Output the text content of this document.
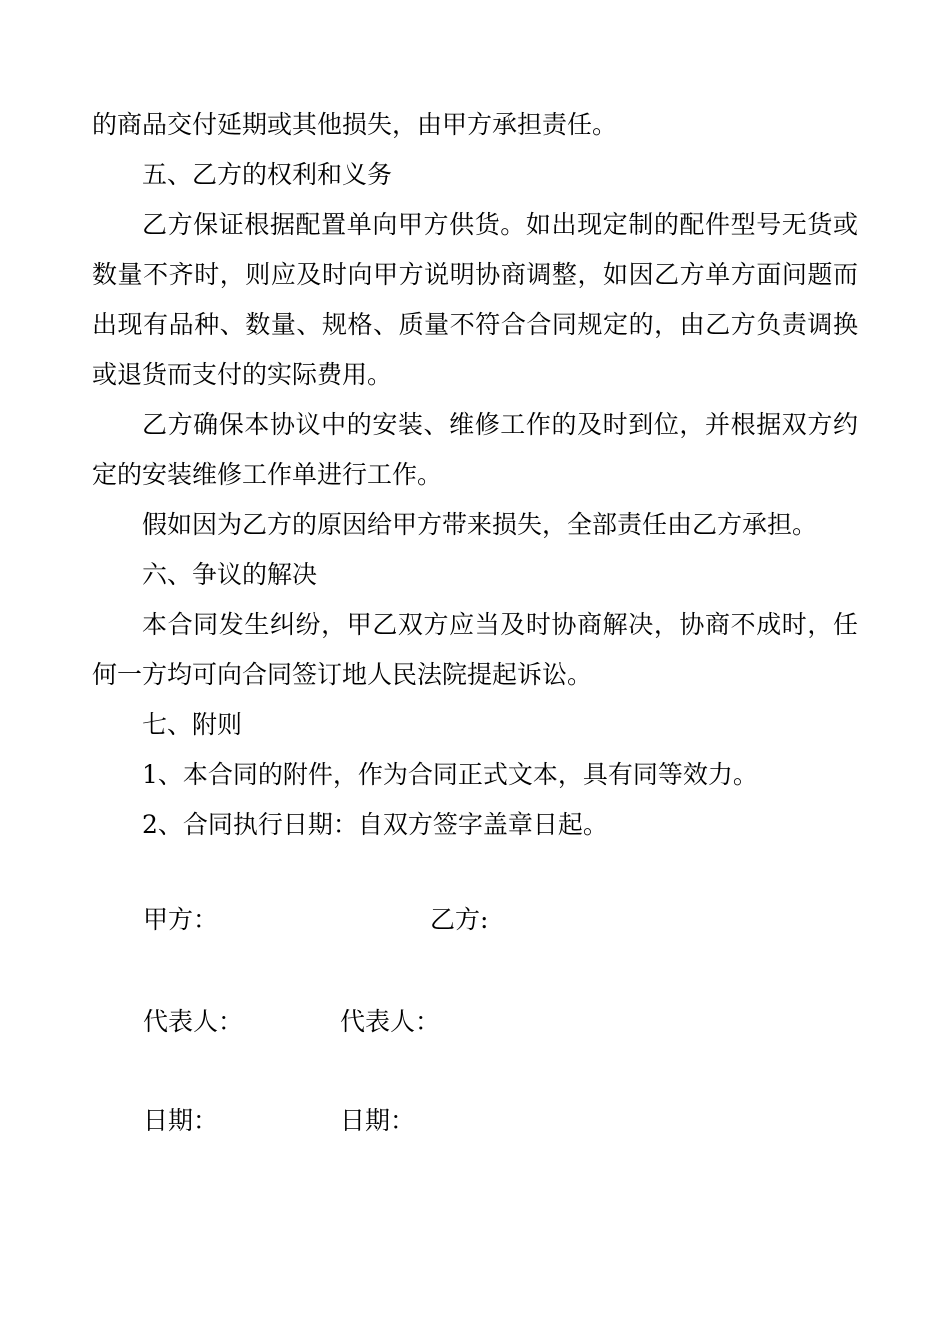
的商品交付延期或其他损失，由甲方承担责任。
五、乙方的权利和义务
乙方保证根据配置单向甲方供货。如出现定制的配件型号无货或
数量不齐时，则应及时向甲方说明协商调整，如因乙方单方面问题而
出现有品种、数量、规格、质量不符合合同规定的，由乙方负责调换
或退货而支付的实际费用。
乙方确保本协议中的安装、维修工作的及时到位，并根据双方约
定的安装维修工作单进行工作。
假如因为乙方的原因给甲方带来损失，全部责任由乙方承担。
六、争议的解决
本合同发生纠纷，甲乙双方应当及时协商解决，协商不成时，任
何一方均可向合同签订地人民法院提起诉讼。
七、附则
1、本合同的附件，作为合同正式文本，具有同等效力。
2、合同执行日期：自双方签字盖章日起。
甲方：	乙方:
代表人：	代表人：
日期：	日期：
